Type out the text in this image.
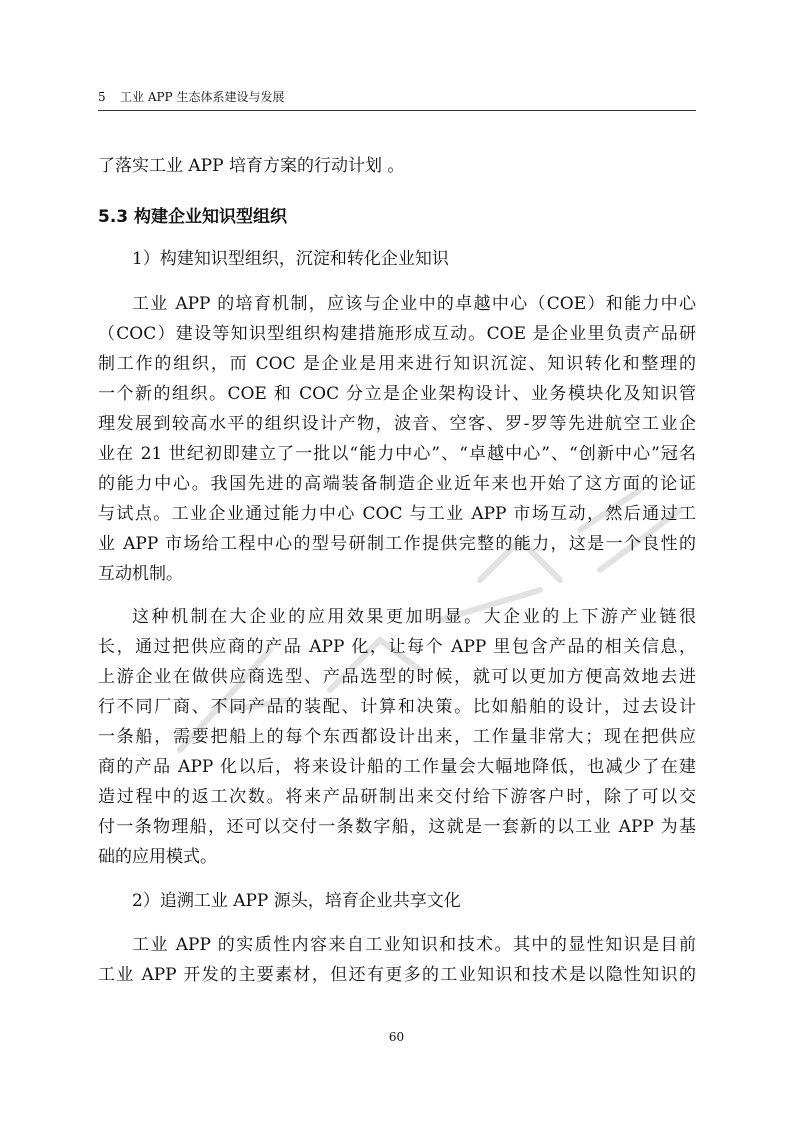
5 工业 APP 生态体系建设与发展
了落实工业 APP 培育方案的行动计划 。
5.3 构建企业知识型组织
1）构建知识型组织，沉淀和转化企业知识
工业 APP 的培育机制，应该与企业中的卓越中心（COE）和能力中心
（COC）建设等知识型组织构建措施形成互动。COE 是企业里负责产品研
制工作的组织，而 COC 是企业是用来进行知识沉淀、知识转化和整理的
一个新的组织。COE 和 COC 分立是企业架构设计、业务模块化及知识管
理发展到较高水平的组织设计产物，波音、空客、罗-罗等先进航空工业企
业在 21 世纪初即建立了一批以“能力中心”、“卓越中心”、“创新中心”冠名
的能力中心。我国先进的高端装备制造企业近年来也开始了这方面的论证
与试点。工业企业通过能力中心 COC 与工业 APP 市场互动，然后通过工
业 APP 市场给工程中心的型号研制工作提供完整的能力，这是一个良性的
互动机制。
这种机制在大企业的应用效果更加明显。大企业的上下游产业链很
长，通过把供应商的产品 APP 化，让每个 APP 里包含产品的相关信息，
上游企业在做供应商选型、产品选型的时候，就可以更加方便高效地去进
行不同厂商、不同产品的装配、计算和决策。比如船舶的设计，过去设计
一条船，需要把船上的每个东西都设计出来，工作量非常大；现在把供应
商的产品 APP 化以后，将来设计船的工作量会大幅地降低，也减少了在建
造过程中的返工次数。将来产品研制出来交付给下游客户时，除了可以交
付一条物理船，还可以交付一条数字船，这就是一套新的以工业 APP 为基
础的应用模式。
2）追溯工业 APP 源头，培育企业共享文化
工业 APP 的实质性内容来自工业知识和技术。其中的显性知识是目前
工业 APP 开发的主要素材，但还有更多的工业知识和技术是以隐性知识的
60
